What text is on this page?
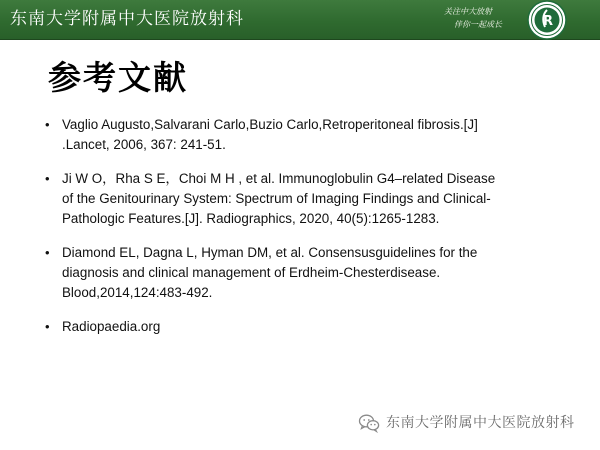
东南大学附属中大医院放射科	关注中大放射
伴你一起成长	R
参考文献
• Vaglio Augusto,Salvarani Carlo,Buzio Carlo,Retroperitoneal fibrosis.[J]
.Lancet, 2006, 367: 241-51.
• Ji W O，Rha S E，Choi M H , et al. Immunoglobulin G4–related Disease
of the Genitourinary System: Spectrum of Imaging Findings and Clinical-
Pathologic Features.[J]. Radiographics, 2020, 40(5):1265-1283.
• Diamond EL, Dagna L, Hyman DM, et al. Consensusguidelines for the
diagnosis and clinical management of Erdheim-Chesterdisease.
Blood,2014,124:483-492.
• Radiopaedia.org
东南大学附属中大医院放射科
